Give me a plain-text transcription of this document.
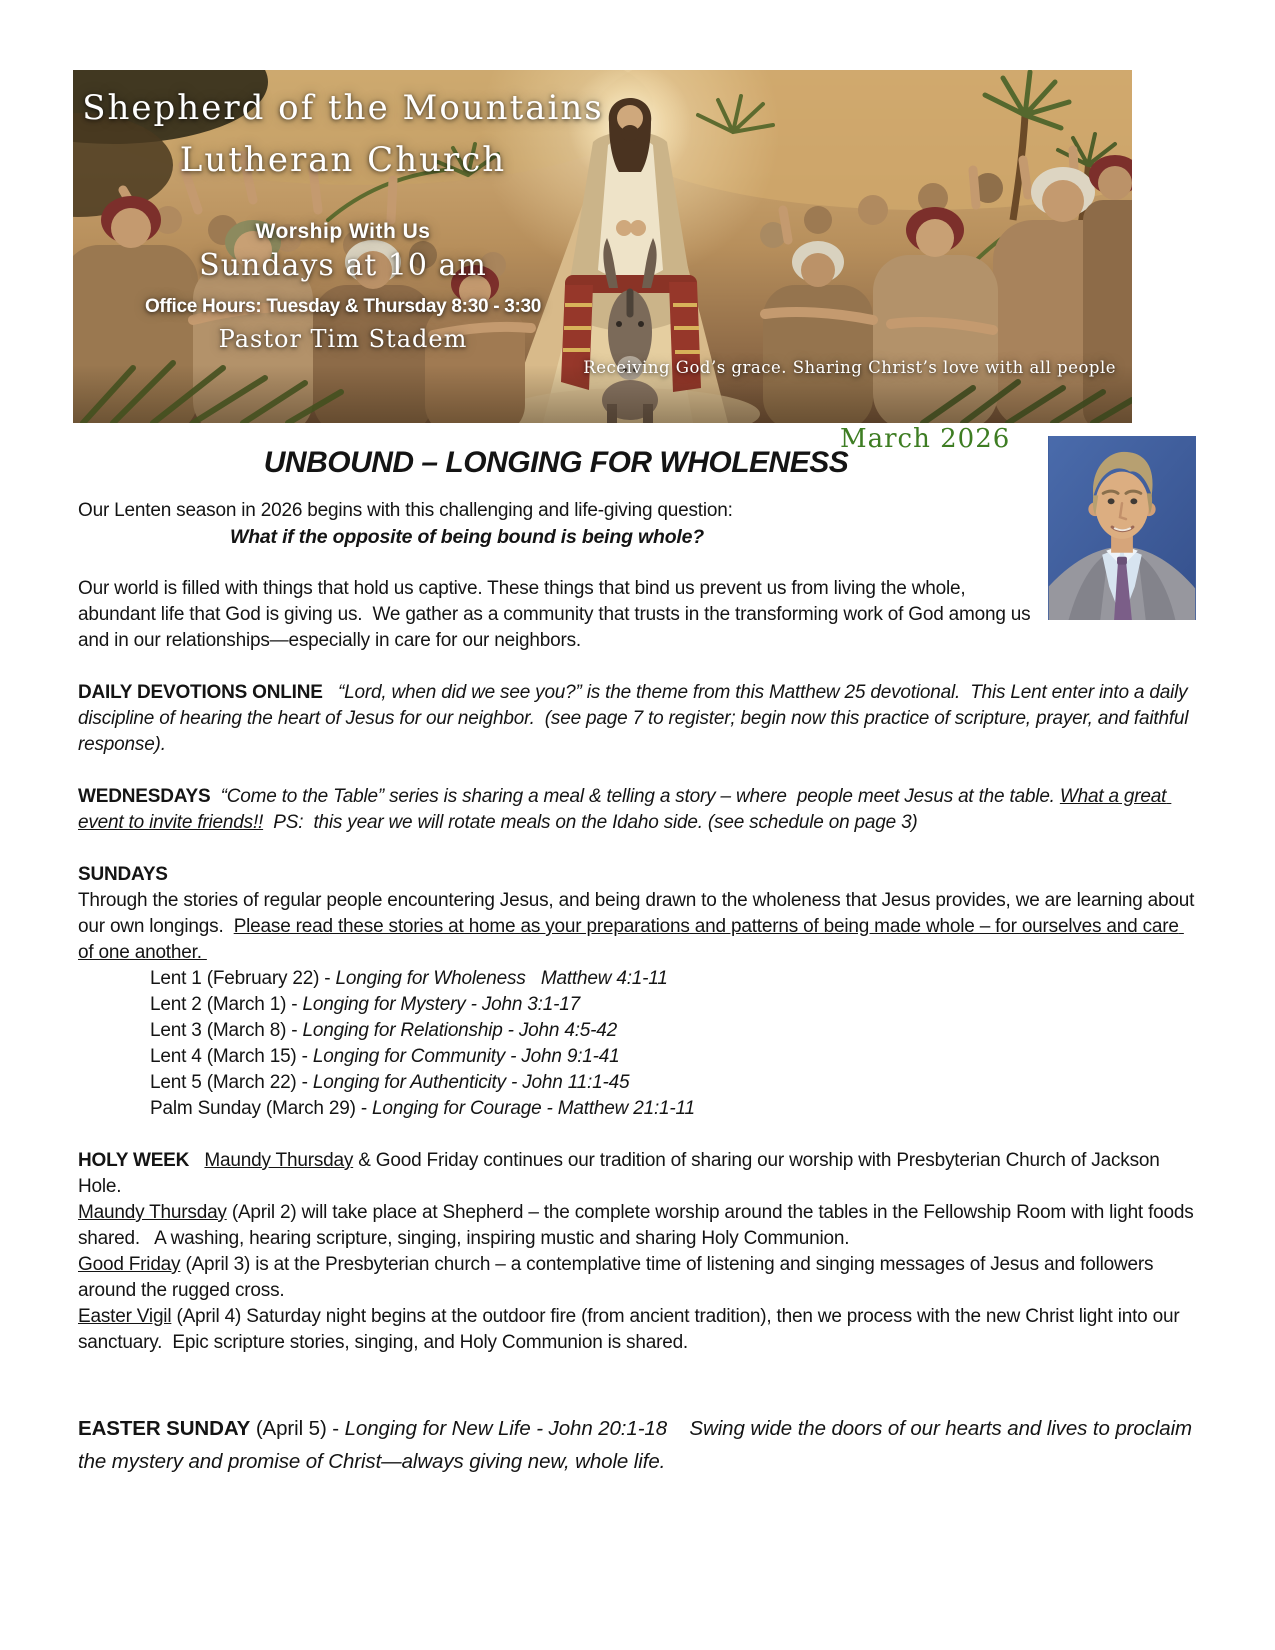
Shepherd of the Mountains
Lutheran Church
Worship With Us
Sundays at 10 am
Office Hours: Tuesday & Thursday 8:30 - 3:30
Pastor Tim Stadem
Receiving God’s grace. Sharing Christ’s love with all people
March 2026
UNBOUND – LONGING FOR WHOLENESS

Our Lenten season in 2026 begins with this challenging and life-giving question:

What if the opposite of being bound is being whole?

Our world is filled with things that hold us captive. These things that bind us prevent us from living the whole, abundant life that God is giving us.  We gather as a community that trusts in the transforming work of God among us and in our relationships—especially in care for our neighbors.

DAILY DEVOTIONS ONLINE “Lord, when did we see you?” is the theme from this Matthew 25 devotional.  This Lent enter into a daily discipline of hearing the heart of Jesus for our neighbor.  (see page 7 to register; begin now this practice of scripture, prayer, and faithful response).

WEDNESDAYS “Come to the Table” series is sharing a meal & telling a story – where  people meet Jesus at the table. What a great event to invite friends!!  PS:  this year we will rotate meals on the Idaho side. (see schedule on page 3)

SUNDAYS

Through the stories of regular people encountering Jesus, and being drawn to the wholeness that Jesus provides, we are learning about our own longings.  Please read these stories at home as your preparations and patterns of being made whole – for ourselves and care of one another.

Lent 1 (February 22) - Longing for Wholeness   Matthew 4:1-11

Lent 2 (March 1) - Longing for Mystery - John 3:1-17

Lent 3 (March 8) - Longing for Relationship - John 4:5-42

Lent 4 (March 15) - Longing for Community - John 9:1-41

Lent 5 (March 22) - Longing for Authenticity - John 11:1-45

Palm Sunday (March 29) - Longing for Courage - Matthew 21:1-11

HOLY WEEK Maundy Thursday & Good Friday continues our tradition of sharing our worship with Presbyterian Church of Jackson Hole.

Maundy Thursday (April 2) will take place at Shepherd – the complete worship around the tables in the Fellowship Room with light foods shared.   A washing, hearing scripture, singing, inspiring mustic and sharing Holy Communion.

Good Friday (April 3) is at the Presbyterian church – a contemplative time of listening and singing messages of Jesus and followers around the rugged cross.

Easter Vigil (April 4) Saturday night begins at the outdoor fire (from ancient tradition), then we process with the new Christ light into our sanctuary.  Epic scripture stories, singing, and Holy Communion is shared.

EASTER SUNDAY (April 5) - Longing for New Life - John 20:1-18    Swing wide the doors of our hearts and lives to proclaim the mystery and promise of Christ—always giving new, whole life.
